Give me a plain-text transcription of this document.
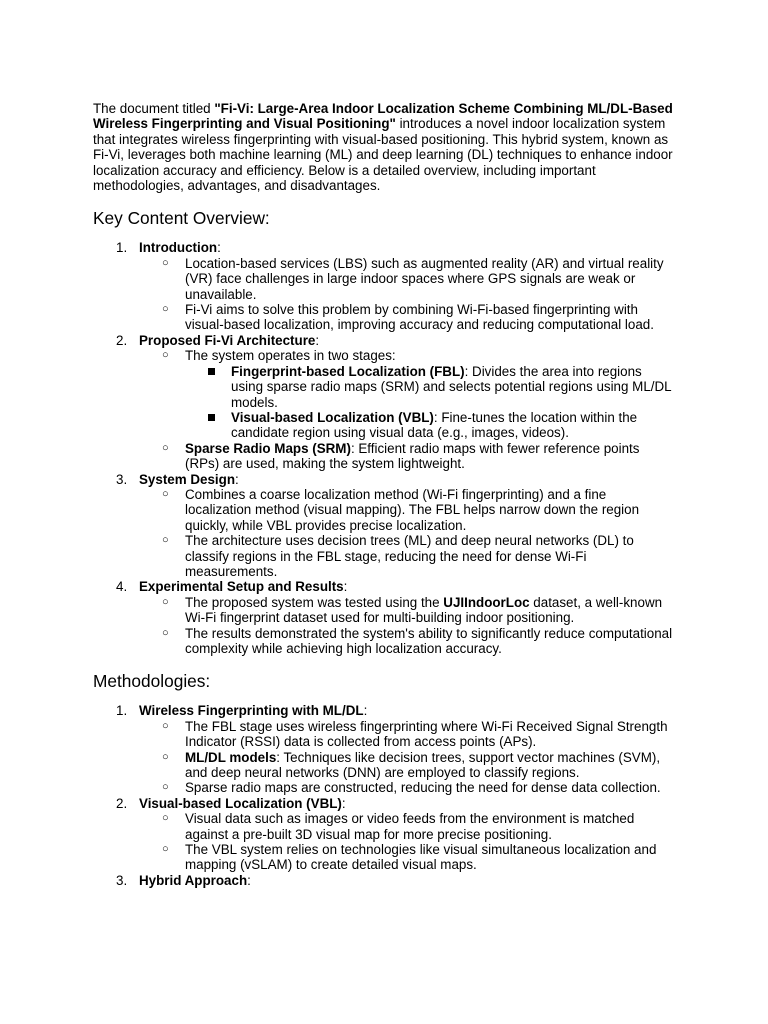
The document titled "Fi-Vi: Large-Area Indoor Localization Scheme Combining ML/DL-Based Wireless Fingerprinting and Visual Positioning" introduces a novel indoor localization system that integrates wireless fingerprinting with visual-based positioning. This hybrid system, known as Fi-Vi, leverages both machine learning (ML) and deep learning (DL) techniques to enhance indoor localization accuracy and efficiency. Below is a detailed overview, including important methodologies, advantages, and disadvantages.

Key Content Overview:
1. Introduction:
○ Location-based services (LBS) such as augmented reality (AR) and virtual reality (VR) face challenges in large indoor spaces where GPS signals are weak or unavailable.
○ Fi-Vi aims to solve this problem by combining Wi-Fi-based fingerprinting with visual-based localization, improving accuracy and reducing computational load.
2. Proposed Fi-Vi Architecture:
○ The system operates in two stages:
Fingerprint-based Localization (FBL): Divides the area into regions using sparse radio maps (SRM) and selects potential regions using ML/DL models.
Visual-based Localization (VBL): Fine-tunes the location within the candidate region using visual data (e.g., images, videos).
○ Sparse Radio Maps (SRM): Efficient radio maps with fewer reference points (RPs) are used, making the system lightweight.
3. System Design:
○ Combines a coarse localization method (Wi-Fi fingerprinting) and a fine localization method (visual mapping). The FBL helps narrow down the region quickly, while VBL provides precise localization.
○ The architecture uses decision trees (ML) and deep neural networks (DL) to classify regions in the FBL stage, reducing the need for dense Wi-Fi measurements.
4. Experimental Setup and Results:
○ The proposed system was tested using the UJIIndoorLoc dataset, a well-known Wi-Fi fingerprint dataset used for multi-building indoor positioning.
○ The results demonstrated the system's ability to significantly reduce computational complexity while achieving high localization accuracy.
Methodologies:
1. Wireless Fingerprinting with ML/DL:
○ The FBL stage uses wireless fingerprinting where Wi-Fi Received Signal Strength Indicator (RSSI) data is collected from access points (APs).
○ ML/DL models: Techniques like decision trees, support vector machines (SVM), and deep neural networks (DNN) are employed to classify regions.
○ Sparse radio maps are constructed, reducing the need for dense data collection.
2. Visual-based Localization (VBL):
○ Visual data such as images or video feeds from the environment is matched against a pre-built 3D visual map for more precise positioning.
○ The VBL system relies on technologies like visual simultaneous localization and mapping (vSLAM) to create detailed visual maps.
3. Hybrid Approach:
